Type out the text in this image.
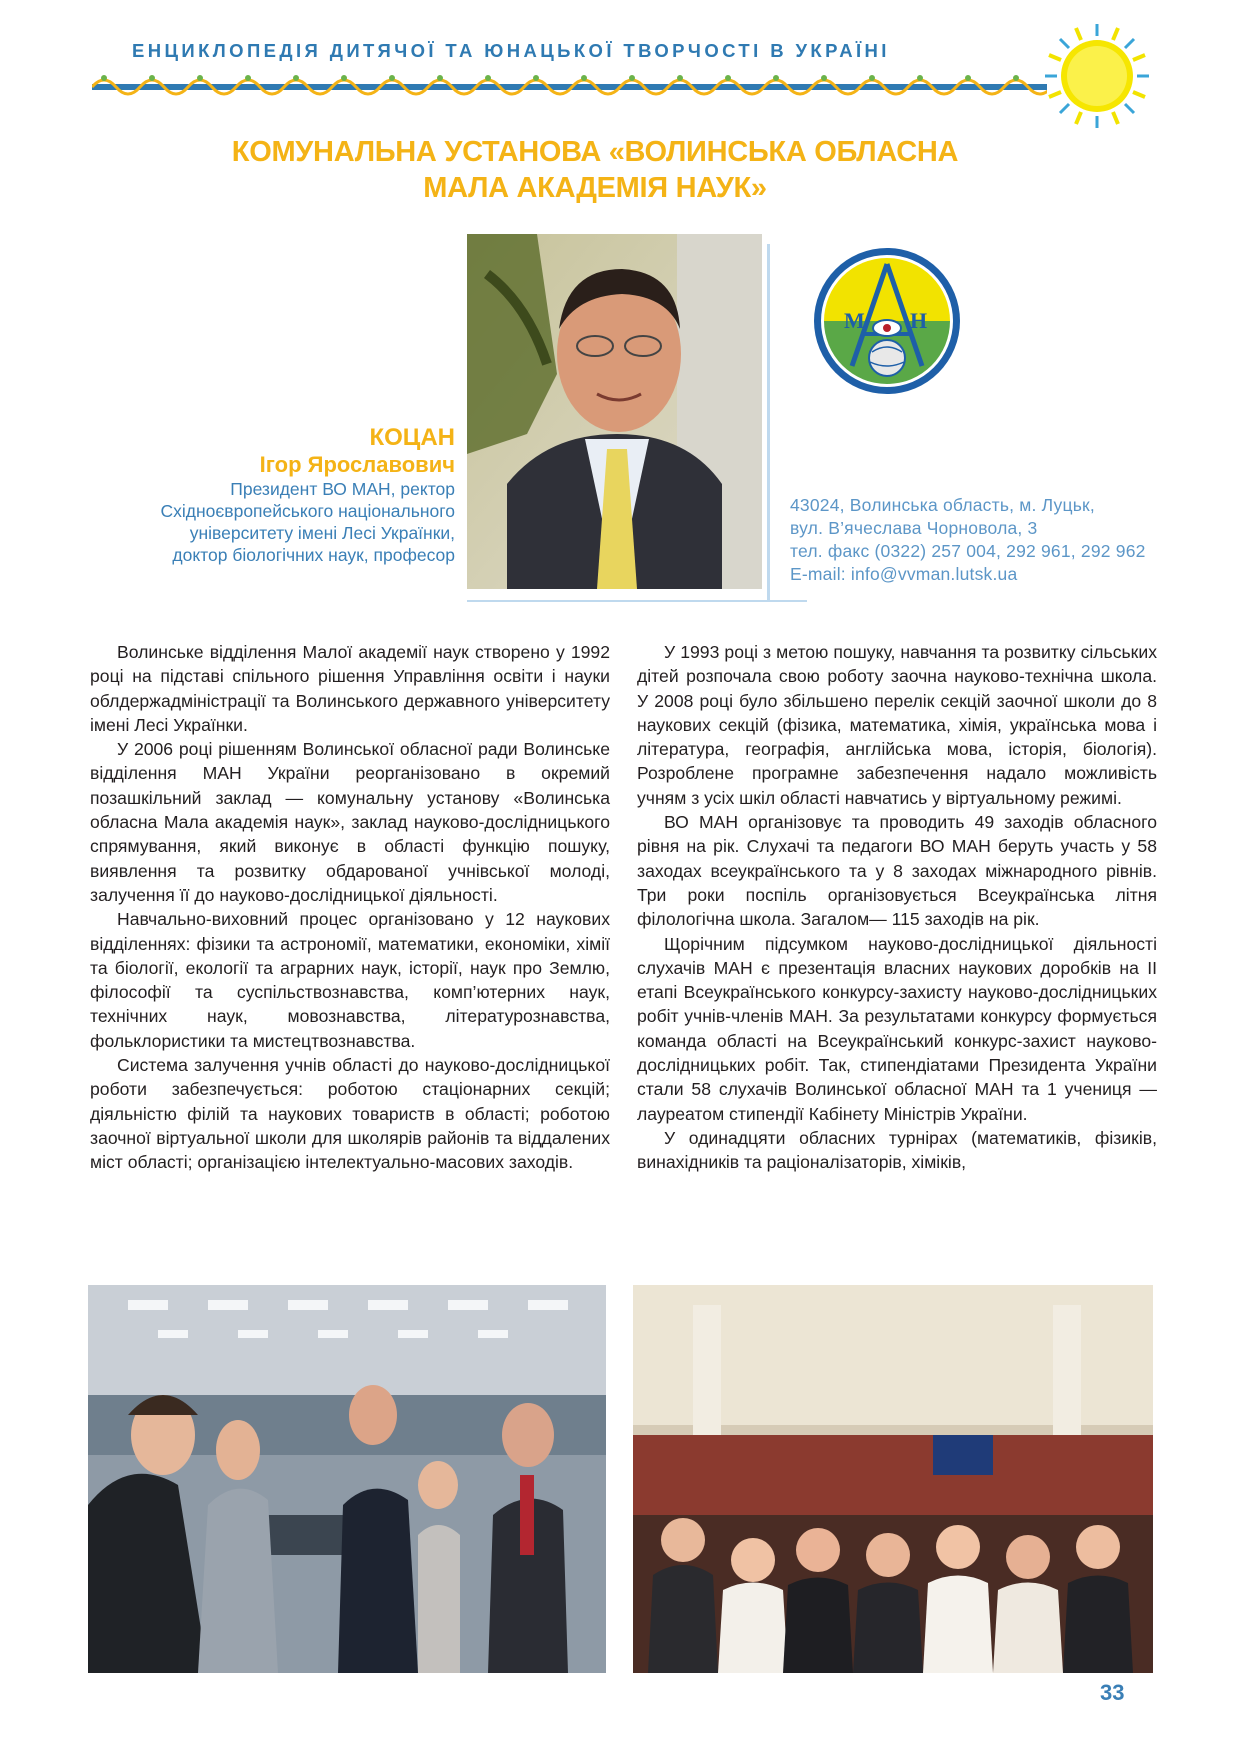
ЕНЦИКЛОПЕДІЯ ДИТЯЧОЇ ТА ЮНАЦЬКОЇ ТВОРЧОСТІ В УКРАЇНІ
КОМУНАЛЬНА УСТАНОВА «ВОЛИНСЬКА ОБЛАСНА
МАЛА АКАДЕМІЯ НАУК»
КОЦАН
Ігор Ярославович
Президент ВО МАН, ректор
Східноєвропейського національного
університету імені Лесі Українки,
доктор біологічних наук, професор
М Н
43024, Волинська область, м. Луцьк,
вул. В’ячеслава Чорновола, 3
тел. факс (0322) 257 004, 292 961, 292 962
E-mail: info@vvman.lutsk.ua

Волинське відділення Малої академії наук створено у 1992 році на підставі спільного рішення Управління освіти і науки облдержадміністрації та Волинського державного університету імені Лесі Українки.

У 2006 році рішенням Волинської обласної ради Волинське відділення МАН України реорганізовано в окремий позашкільний заклад — комунальну установу «Волинська обласна Мала академія наук», заклад науково-дослідницького спрямування, який виконує в області функцію пошуку, виявлення та розвитку обдарованої учнівської молоді, залучення її до науково-дослідницької діяльності.

Навчально-виховний процес організовано у 12 наукових відділеннях: фізики та астрономії, математики, економіки, хімії та біології, екології та аграрних наук, історії, наук про Землю, філософії та суспільствознавства, комп’ютерних наук, технічних наук, мовознавства, літературознавства, фольклористики та мистецтвознавства.

Система залучення учнів області до науково-дослідницької роботи забезпечується: роботою стаціонарних секцій; діяльністю філій та наукових товариств в області; роботою заочної віртуальної школи для школярів районів та віддалених міст області; організацією інтелектуально-масових заходів.

У 1993 році з метою пошуку, навчання та розвитку сільських дітей розпочала свою роботу заочна науково-технічна школа. У 2008 році було збільшено перелік секцій заочної школи до 8 наукових секцій (фізика, математика, хімія, українська мова і література, географія, англійська мова, історія, біологія). Розроблене програмне забезпечення надало можливість учням з усіх шкіл області навчатись у віртуальному режимі.

ВО МАН організовує та проводить 49 заходів обласного рівня на рік. Слухачі та педагоги ВО МАН беруть участь у 58 заходах всеукраїнського та у 8 заходах міжнародного рівнів. Три роки поспіль організовується Всеукраїнська літня філологічна школа. Загалом— 115 заходів на рік.

Щорічним підсумком науково-дослідницької діяльності слухачів МАН є презентація власних наукових доробків на II етапі Всеукраїнського конкурсу-захисту науково-дослідницьких робіт учнів-членів МАН. За результатами конкурсу формується команда області на Всеукраїнський конкурс-захист науково-дослідницьких робіт. Так, стипендіатами Президента України стали 58 слухачів Волинської обласної МАН та 1 учениця — лауреатом стипендії Кабінету Міністрів України.

У одинадцяти обласних турнірах (математиків, фізиків, винахідників та раціоналізаторів, хіміків,

33
